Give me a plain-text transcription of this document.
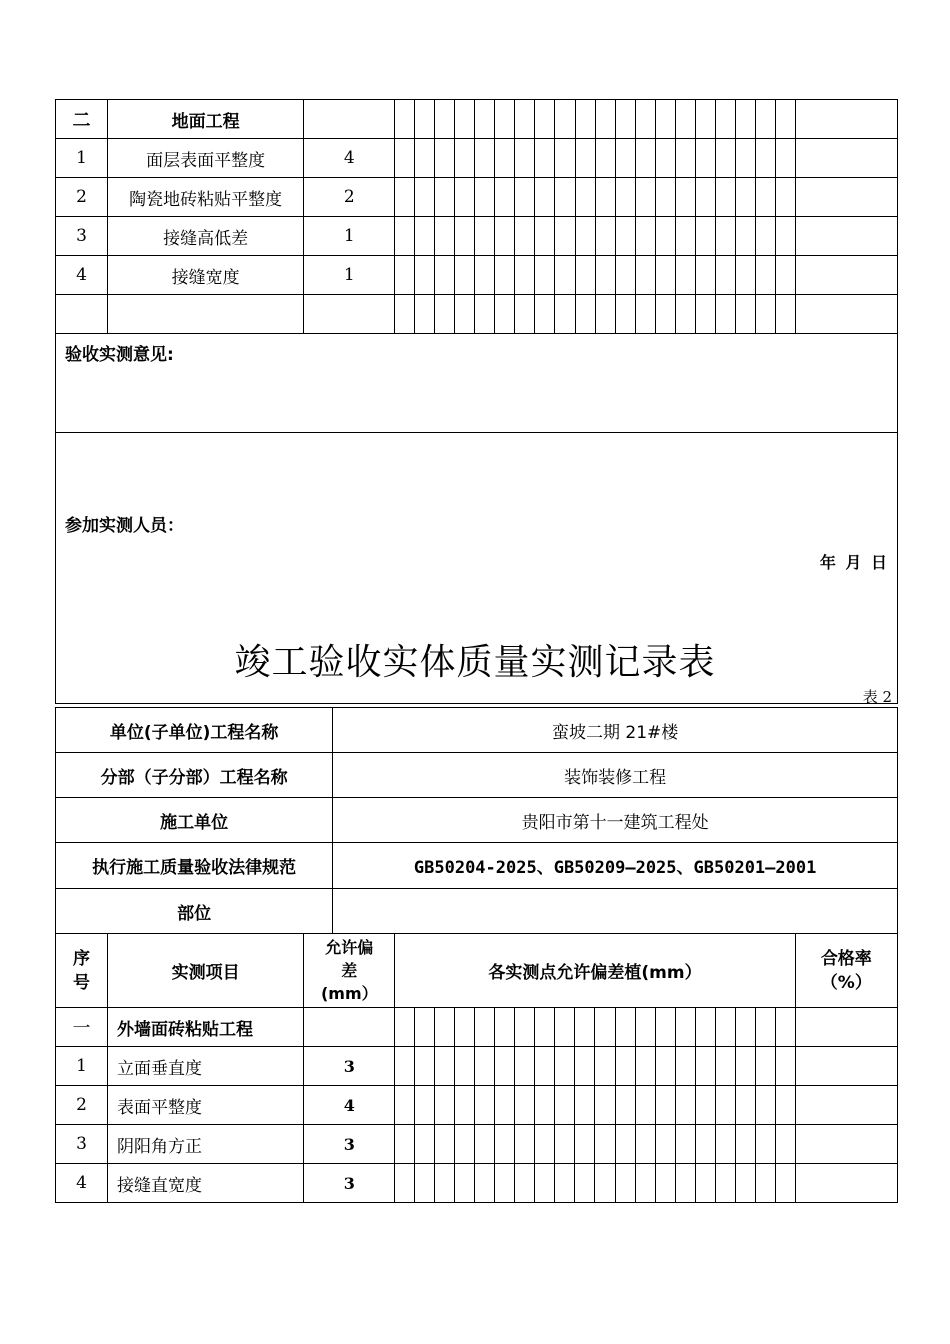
二	地面工程																						
1	面层表面平整度	4																					
2	陶瓷地砖粘贴平整度	2																					
3	接缝高低差	1																					
4	接缝宽度	1																					

验收实测意见:																							

参加实测人员：
年 月 日																							
竣工验收实体质量实测记录表
表 2
单位(子单位)工程名称			蛮坡二期 21#楼																					
分部（子分部）工程名称			装饰装修工程																					
施工单位			贵阳市第十一建筑工程处																					
执行施工质量验收法律规范			GB50204-2025、GB50209—2025、GB50201—2001																					
部位																								
序号	实测项目	允许偏差(mm）		各实测点允许偏差植(mm）																				合格率（%）
一	外墙面砖粘贴工程																							
1	立面垂直度	3																						
2	表面平整度	4																						
3	阴阳角方正	3																						
4	接缝直宽度	3																						
